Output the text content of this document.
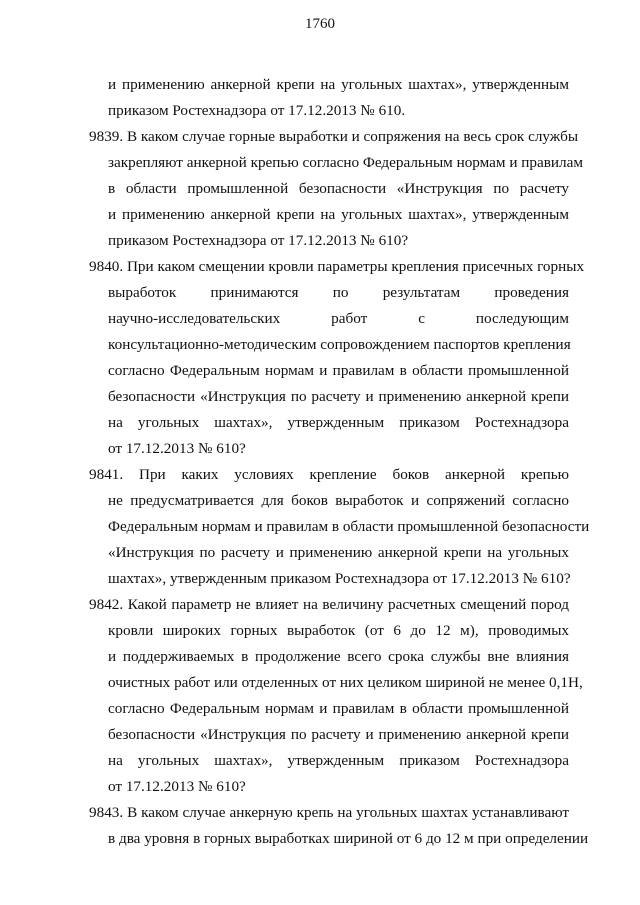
1760
и применению анкерной крепи на угольных шахтах», утвержденным
приказом Ростехнадзора от 17.12.2013 № 610.
9839. В каком случае горные выработки и сопряжения на весь срок службы
закрепляют анкерной крепью согласно Федеральным нормам и правилам
в области промышленной безопасности «Инструкция по расчету
и применению анкерной крепи на угольных шахтах», утвержденным
приказом Ростехнадзора от 17.12.2013 № 610?
9840. При каком смещении кровли параметры крепления присечных горных
выработок принимаются по результатам проведения
научно-исследовательских работ с последующим
консультационно-методическим сопровождением паспортов крепления
согласно Федеральным нормам и правилам в области промышленной
безопасности «Инструкция по расчету и применению анкерной крепи
на угольных шахтах», утвержденным приказом Ростехнадзора
от 17.12.2013 № 610?
9841. При каких условиях крепление боков анкерной крепью
не предусматривается для боков выработок и сопряжений согласно
Федеральным нормам и правилам в области промышленной безопасности
«Инструкция по расчету и применению анкерной крепи на угольных
шахтах», утвержденным приказом Ростехнадзора от 17.12.2013 № 610?
9842. Какой параметр не влияет на величину расчетных смещений пород
кровли широких горных выработок (от 6 до 12 м), проводимых
и поддерживаемых в продолжение всего срока службы вне влияния
очистных работ или отделенных от них целиком шириной не менее 0,1Н,
согласно Федеральным нормам и правилам в области промышленной
безопасности «Инструкция по расчету и применению анкерной крепи
на угольных шахтах», утвержденным приказом Ростехнадзора
от 17.12.2013 № 610?
9843. В каком случае анкерную крепь на угольных шахтах устанавливают
в два уровня в горных выработках шириной от 6 до 12 м при определении
